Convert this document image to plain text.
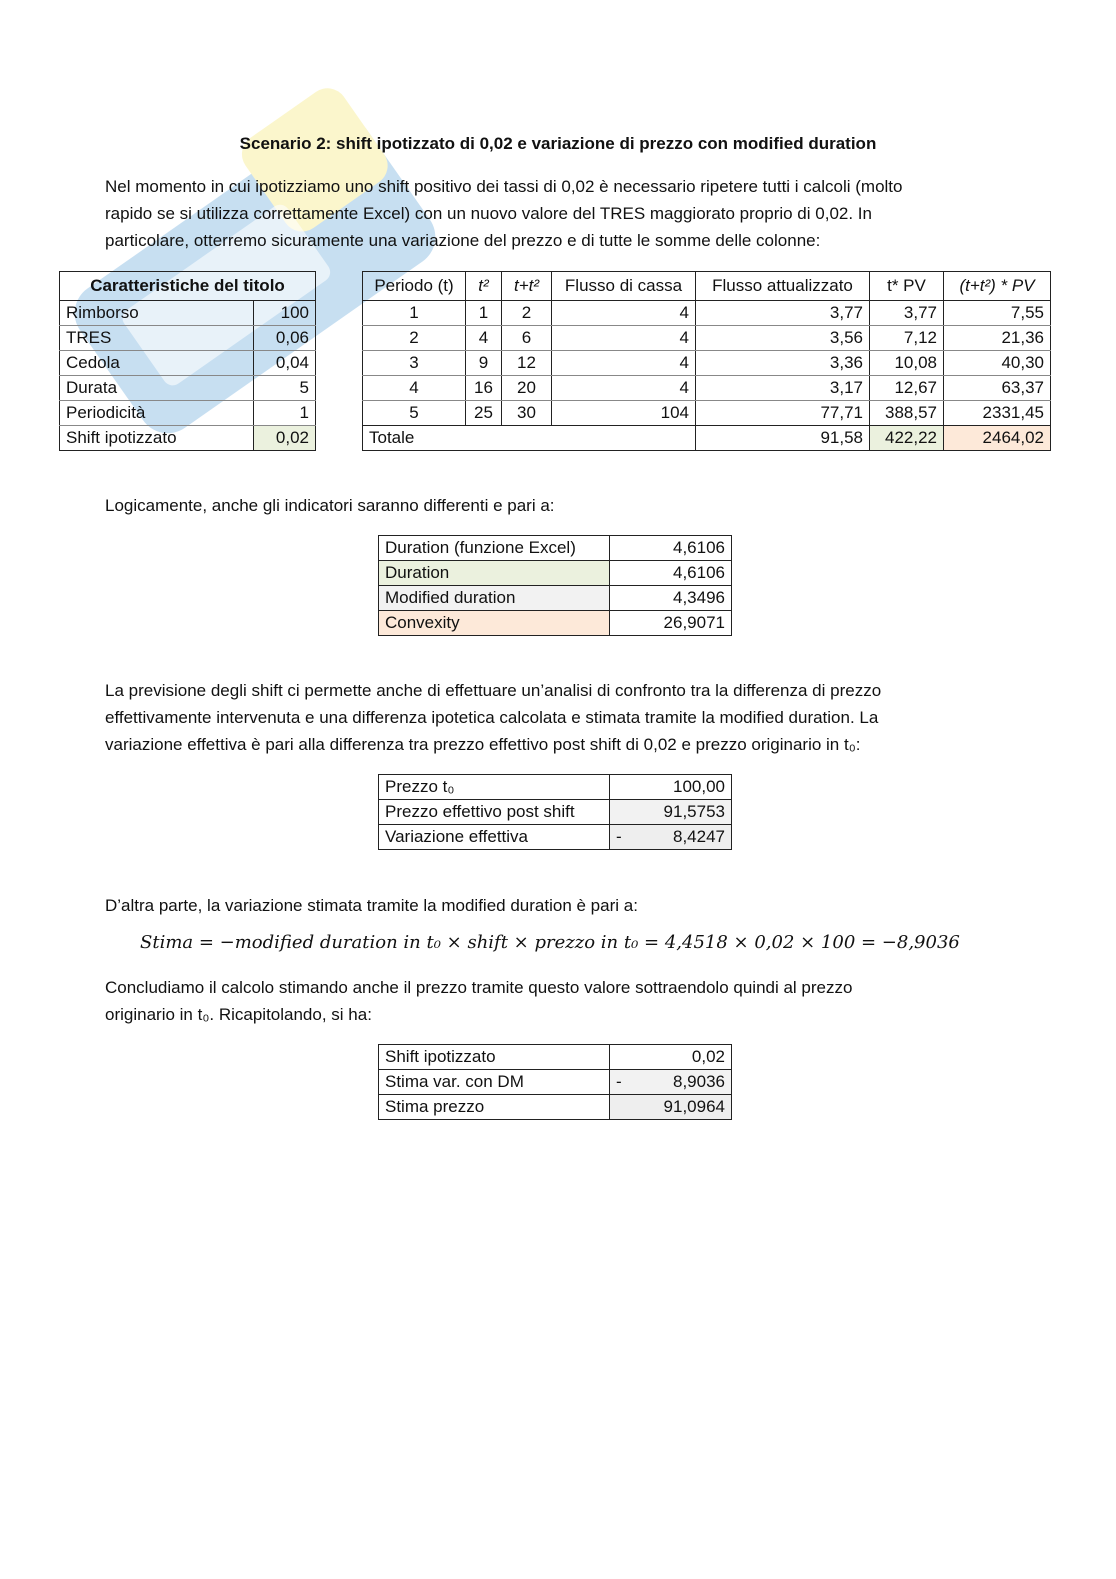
Scenario 2: shift ipotizzato di 0,02 e variazione di prezzo con modified duration
Nel momento in cui ipotizziamo uno shift positivo dei tassi di 0,02 è necessario ripetere tutti i calcoli (molto
rapido se si utilizza correttamente Excel) con un nuovo valore del TRES maggiorato proprio di 0,02. In
particolare, otterremo sicuramente una variazione del prezzo e di tutte le somme delle colonne:
Caratteristiche del titolo	
Rimborso	100
TRES	0,06
Cedola	0,04
Durata	5
Periodicità	1
Shift ipotizzato	0,02
Periodo (t)	t²	t+t²	Flusso di cassa	Flusso attualizzato	t* PV	(t+t²) * PV
1	1	2	4	3,77	3,77	7,55
2	4	6	4	3,56	7,12	21,36
3	9	12	4	3,36	10,08	40,30
4	16	20	4	3,17	12,67	63,37
5	25	30	104	77,71	388,57	2331,45
Totale				91,58	422,22	2464,02
Logicamente, anche gli indicatori saranno differenti e pari a:
Duration (funzione Excel)	4,6106
Duration	4,6106
Modified duration	4,3496
Convexity	26,9071
La previsione degli shift ci permette anche di effettuare un’analisi di confronto tra la differenza di prezzo
effettivamente intervenuta e una differenza ipotetica calcolata e stimata tramite la modified duration. La
variazione effettiva è pari alla differenza tra prezzo effettivo post shift di 0,02 e prezzo originario in t₀:
Prezzo t₀	100,00
Prezzo effettivo post shift	91,5753
Variazione effettiva	- 8,4247
D’altra parte, la variazione stimata tramite la modified duration è pari a:
Stima = −modified duration in t₀ × shift × prezzo in t₀ = 4,4518 × 0,02 × 100 = −8,9036
Concludiamo il calcolo stimando anche il prezzo tramite questo valore sottraendolo quindi al prezzo
originario in t₀. Ricapitolando, si ha:
Shift ipotizzato	0,02
Stima var. con DM	- 8,9036
Stima prezzo	91,0964
